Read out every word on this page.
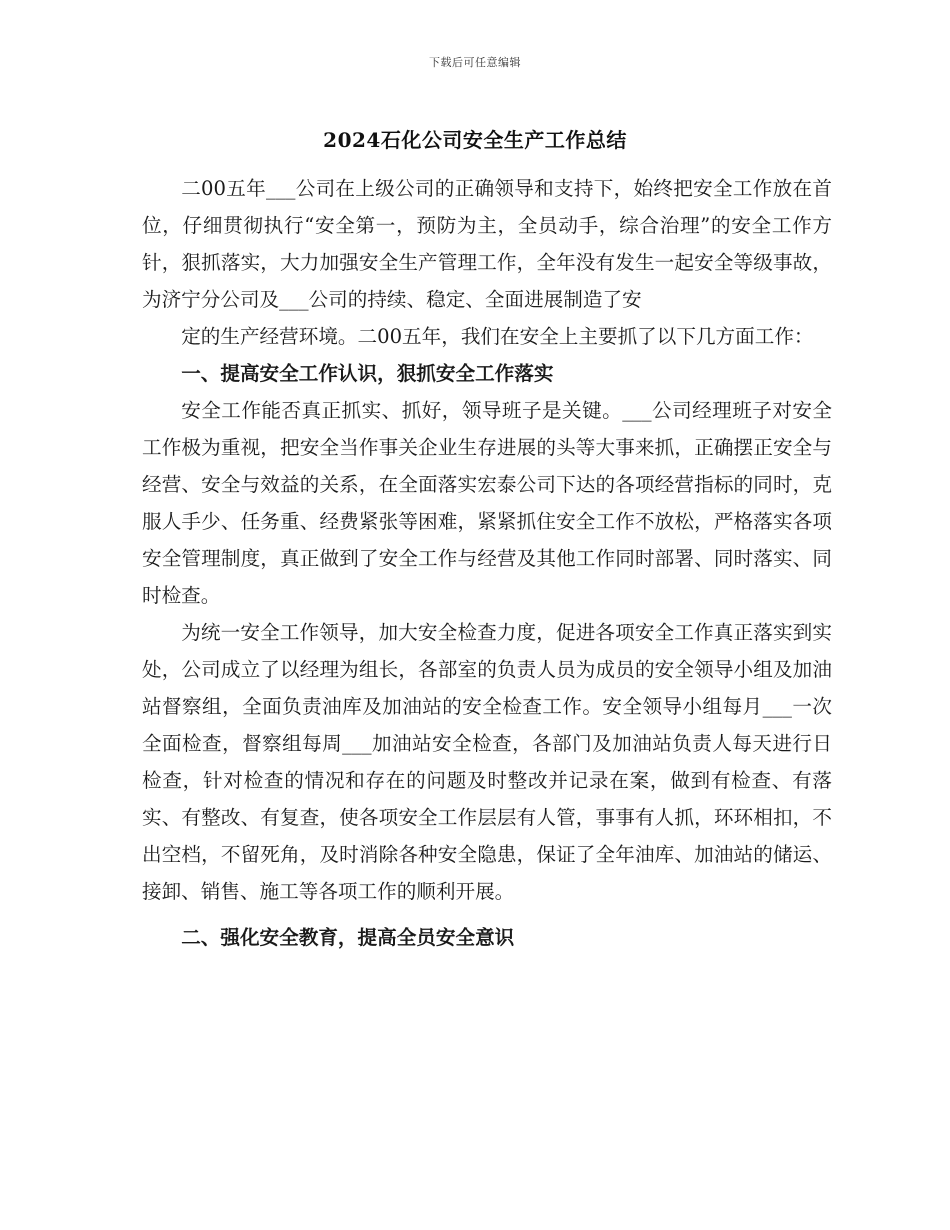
下载后可任意编辑
2024石化公司安全生产工作总结

二00五年___公司在上级公司的正确领导和支持下，始终把安全工作放在首位，仔细贯彻执行“安全第一，预防为主，全员动手，综合治理”的安全工作方针，狠抓落实，大力加强安全生产管理工作，全年没有发生一起安全等级事故，为济宁分公司及___公司的持续、稳定、全面进展制造了安

定的生产经营环境。二00五年，我们在安全上主要抓了以下几方面工作：

一、提高安全工作认识，狠抓安全工作落实

安全工作能否真正抓实、抓好，领导班子是关键。___公司经理班子对安全工作极为重视，把安全当作事关企业生存进展的头等大事来抓，正确摆正安全与经营、安全与效益的关系，在全面落实宏泰公司下达的各项经营指标的同时，克服人手少、任务重、经费紧张等困难，紧紧抓住安全工作不放松，严格落实各项安全管理制度，真正做到了安全工作与经营及其他工作同时部署、同时落实、同时检查。

为统一安全工作领导，加大安全检查力度，促进各项安全工作真正落实到实处，公司成立了以经理为组长，各部室的负责人员为成员的安全领导小组及加油站督察组，全面负责油库及加油站的安全检查工作。安全领导小组每月___一次全面检查，督察组每周___加油站安全检查，各部门及加油站负责人每天进行日检查，针对检查的情况和存在的问题及时整改并记录在案，做到有检查、有落实、有整改、有复查，使各项安全工作层层有人管，事事有人抓，环环相扣，不出空档，不留死角，及时消除各种安全隐患，保证了全年油库、加油站的储运、接卸、销售、施工等各项工作的顺利开展。

二、强化安全教育，提高全员安全意识
